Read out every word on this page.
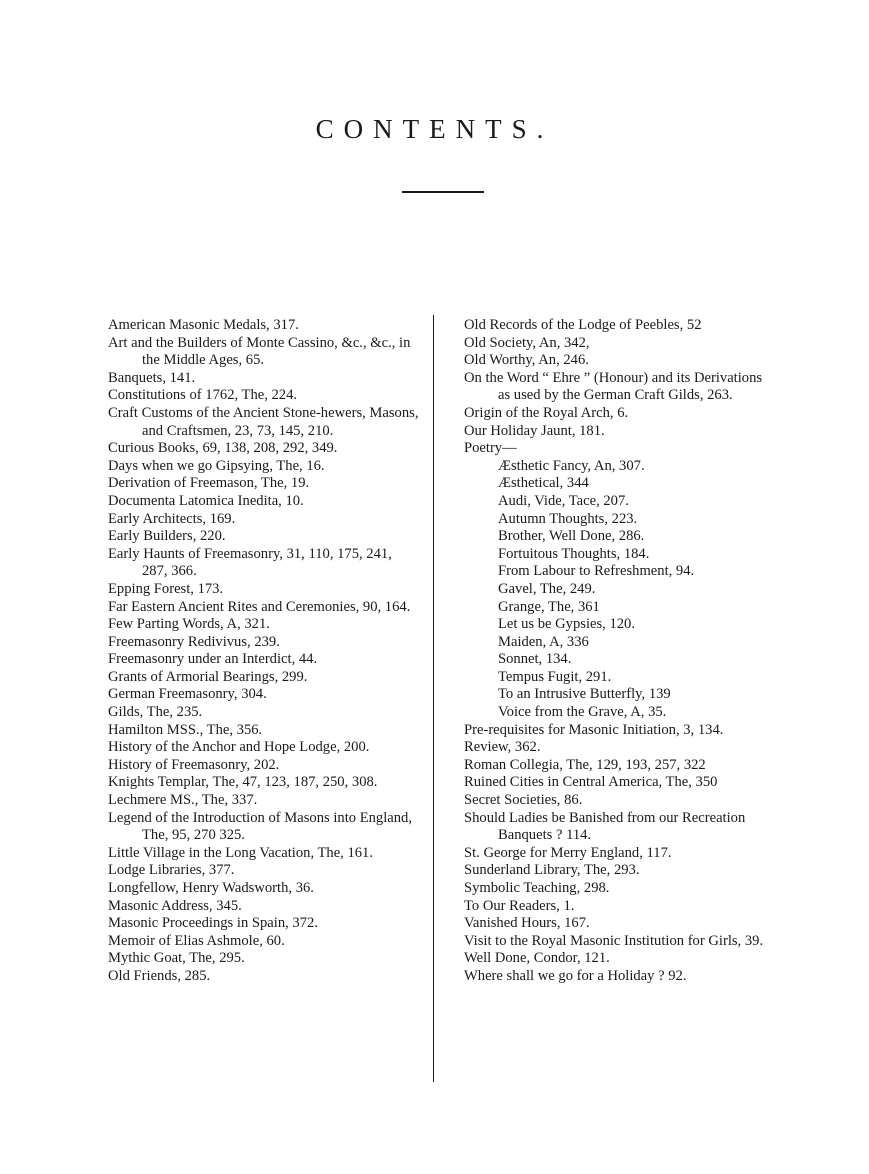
CONTENTS.

American Masonic Medals, 317.

Art and the Builders of Monte Cassino, &c., &c., in the Middle Ages, 65.

Banquets, 141.

Constitutions of 1762, The, 224.

Craft Customs of the Ancient Stone-hewers, Masons, and Craftsmen, 23, 73, 145, 210.

Curious Books, 69, 138, 208, 292, 349.

Days when we go Gipsying, The, 16.

Derivation of Freemason, The, 19.

Documenta Latomica Inedita, 10.

Early Architects, 169.

Early Builders, 220.

Early Haunts of Freemasonry, 31, 110, 175, 241, 287, 366.

Epping Forest, 173.

Far Eastern Ancient Rites and Ceremonies, 90, 164.

Few Parting Words, A, 321.

Freemasonry Redivivus, 239.

Freemasonry under an Interdict, 44.

Grants of Armorial Bearings, 299.

German Freemasonry, 304.

Gilds, The, 235.

Hamilton MSS., The, 356.

History of the Anchor and Hope Lodge, 200.

History of Freemasonry, 202.

Knights Templar, The, 47, 123, 187, 250, 308.

Lechmere MS., The, 337.

Legend of the Introduction of Masons into England, The, 95, 270 325.

Little Village in the Long Vacation, The, 161.

Lodge Libraries, 377.

Longfellow, Henry Wadsworth, 36.

Masonic Address, 345.

Masonic Proceedings in Spain, 372.

Memoir of Elias Ashmole, 60.

Mythic Goat, The, 295.

Old Friends, 285.

Old Records of the Lodge of Peebles, 52

Old Society, An, 342,

Old Worthy, An, 246.

On the Word “ Ehre ” (Honour) and its Derivations as used by the German Craft Gilds, 263.

Origin of the Royal Arch, 6.

Our Holiday Jaunt, 181.

Poetry—

Æsthetic Fancy, An, 307.

Æsthetical, 344

Audi, Vide, Tace, 207.

Autumn Thoughts, 223.

Brother, Well Done, 286.

Fortuitous Thoughts, 184.

From Labour to Refreshment, 94.

Gavel, The, 249.

Grange, The, 361

Let us be Gypsies, 120.

Maiden, A, 336

Sonnet, 134.

Tempus Fugit, 291.

To an Intrusive Butterfly, 139

Voice from the Grave, A, 35.

Pre-requisites for Masonic Initiation, 3, 134.

Review, 362.

Roman Collegia, The, 129, 193, 257, 322

Ruined Cities in Central America, The, 350

Secret Societies, 86.

Should Ladies be Banished from our Recreation Banquets ? 114.

St. George for Merry England, 117.

Sunderland Library, The, 293.

Symbolic Teaching, 298.

To Our Readers, 1.

Vanished Hours, 167.

Visit to the Royal Masonic Institution for Girls, 39.

Well Done, Condor, 121.

Where shall we go for a Holiday ? 92.
